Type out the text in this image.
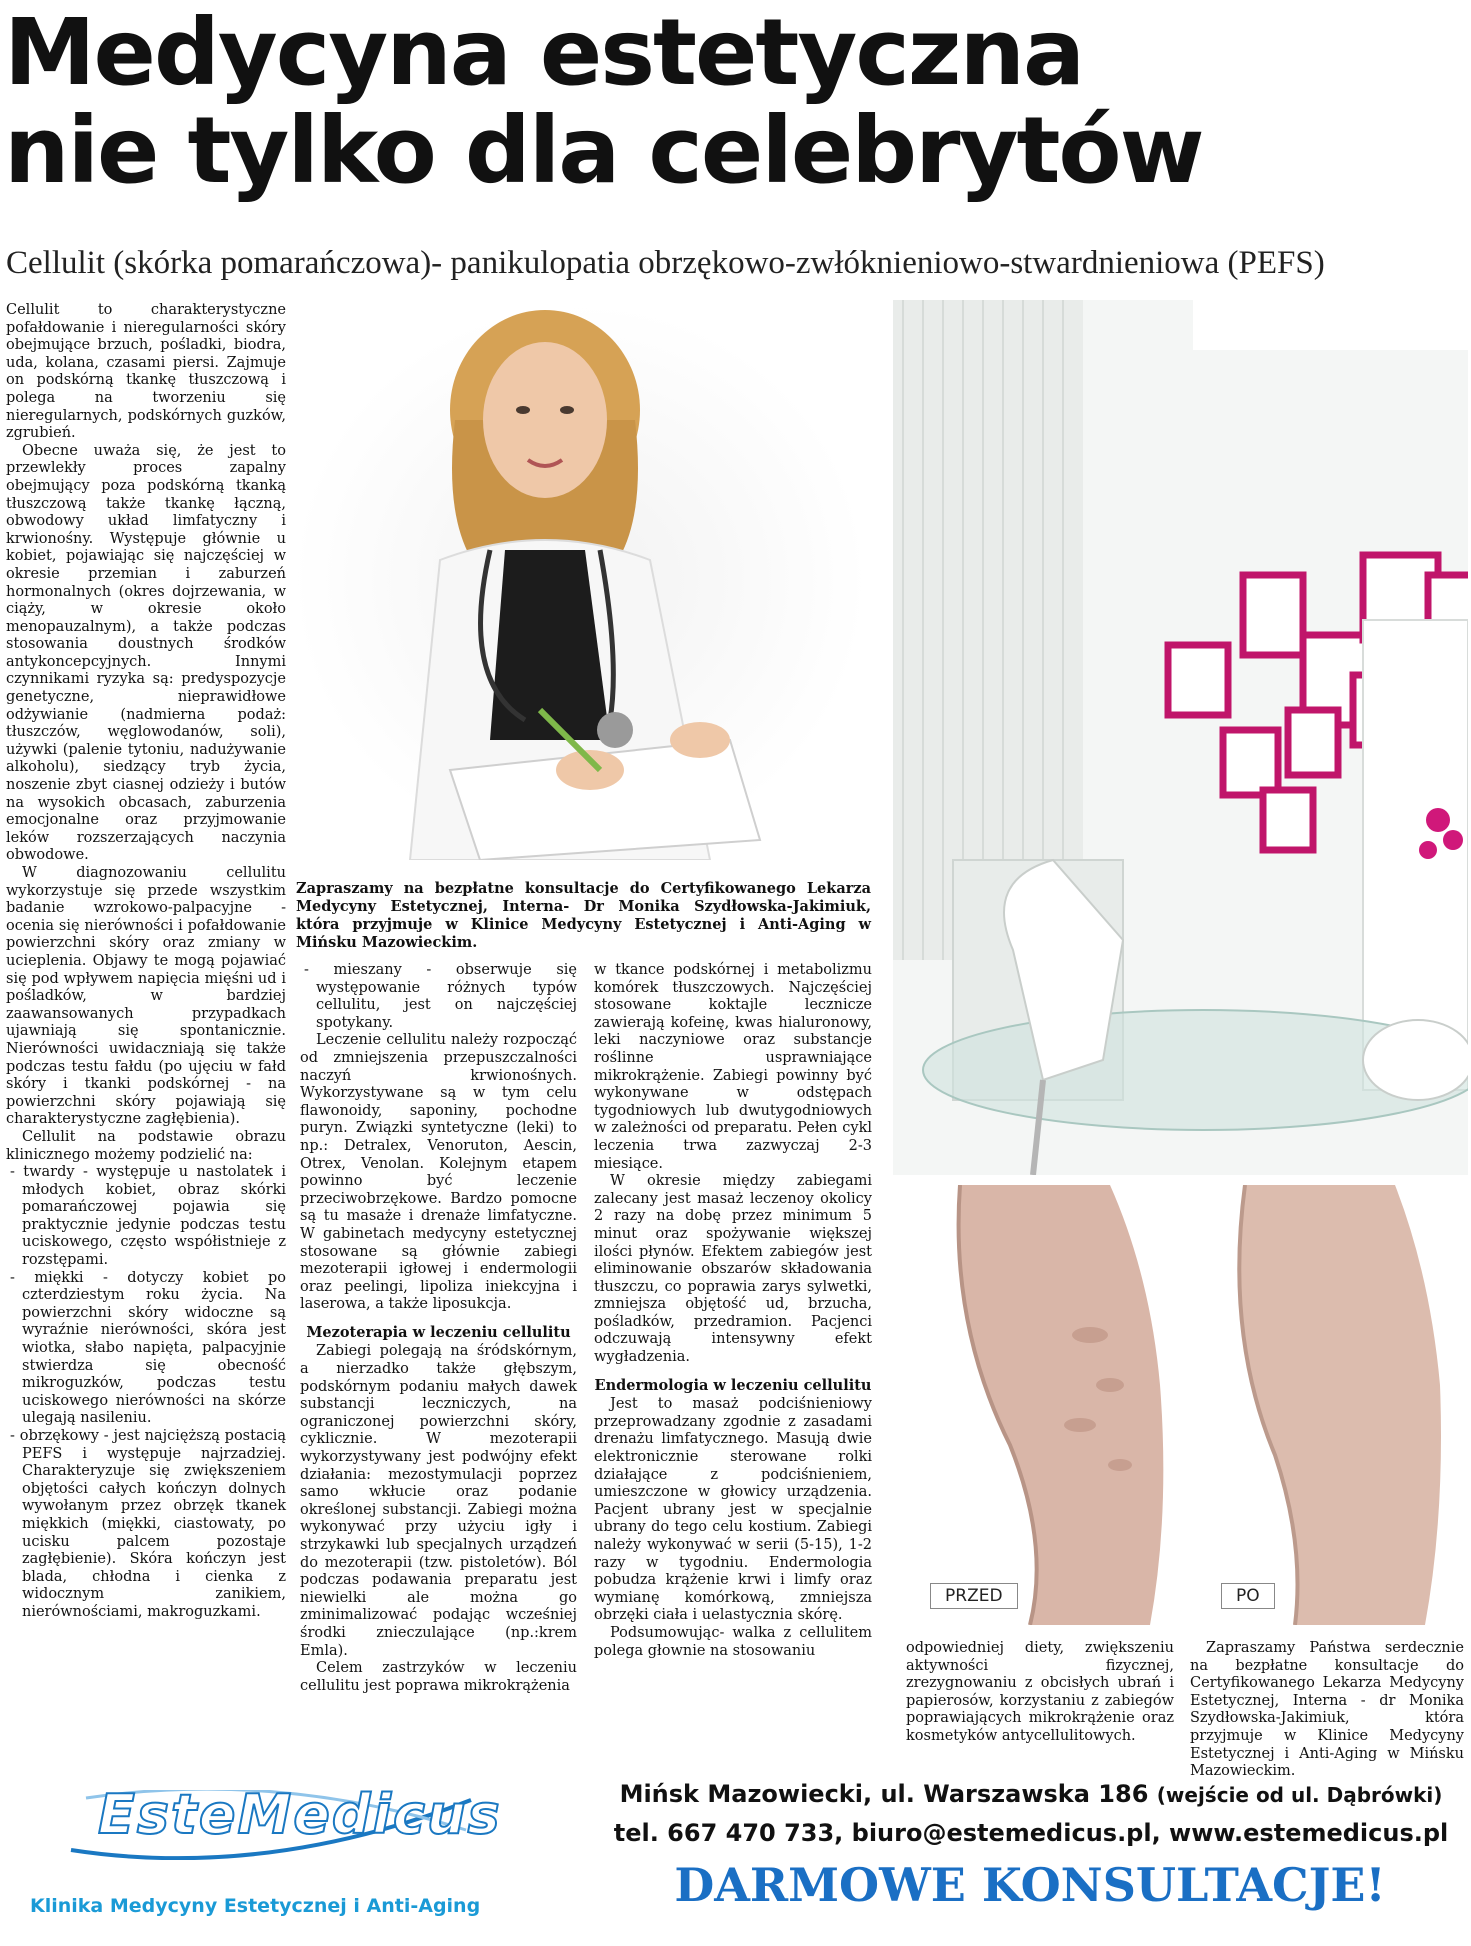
Medycyna estetyczna
nie tylko dla celebrytów
Cellulit (skórka pomarańczowa)- panikulopatia obrzękowo-zwłóknieniowo-stwardnieniowa (PEFS)

Cellulit to charakterystyczne pofałdowanie i nieregularności skóry obejmujące brzuch, pośladki, biodra, uda, kolana, czasami piersi. Zajmuje on podskórną tkankę tłuszczową i polega na tworzeniu się nieregularnych, podskórnych guzków, zgrubień.

Obecne uważa się, że jest to przewlekły proces zapalny obejmujący poza podskórną tkanką tłuszczową także tkankę łączną, obwodowy układ limfatyczny i krwionośny. Występuje głównie u kobiet, pojawiając się najczęściej w okresie przemian i zaburzeń hormonalnych (okres dojrzewania, w ciąży, w okresie około menopauzalnym), a także podczas stosowania doustnych środków antykoncepcyjnych. Innymi czynnikami ryzyka są: predyspozycje genetyczne, nieprawidłowe odżywianie (nadmierna podaż: tłuszczów, węglowodanów, soli), używki (palenie tytoniu, nadużywanie alkoholu), siedzący tryb życia, noszenie zbyt ciasnej odzieży i butów na wysokich obcasach, zaburzenia emocjonalne oraz przyjmowanie leków rozszerzających naczynia obwodowe.

W diagnozowaniu cellulitu wykorzystuje się przede wszystkim badanie wzrokowo-palpacyjne - ocenia się nierówności i pofałdowanie powierzchni skóry oraz zmiany w ucieplenia. Objawy te mogą pojawiać się pod wpływem napięcia mięśni ud i pośladków, w bardziej zaawansowanych przypadkach ujawniają się spontanicznie. Nierówności uwidaczniają się także podczas testu fałdu (po ujęciu w fałd skóry i tkanki podskórnej - na powierzchni skóry pojawiają się charakterystyczne zagłębienia).

Cellulit na podstawie obrazu klinicznego możemy podzielić na:

- twardy - występuje u nastolatek i młodych kobiet, obraz skórki pomarańczowej pojawia się praktycznie jedynie podczas testu uciskowego, często współistnieje z rozstępami.
- miękki - dotyczy kobiet po czterdziestym roku życia. Na powierzchni skóry widoczne są wyraźnie nierówności, skóra jest wiotka, słabo napięta, palpacyjnie stwierdza się obecność mikroguzków, podczas testu uciskowego nierówności na skórze ulegają nasileniu.
- obrzękowy - jest najcięższą postacią PEFS i występuje najrzadziej. Charakteryzuje się zwiększeniem objętości całych kończyn dolnych wywołanym przez obrzęk tkanek miękkich (miękki, ciastowaty, po ucisku palcem pozostaje zagłębienie). Skóra kończyn jest blada, chłodna i cienka z widocznym zanikiem, nierównościami, makroguzkami.
Zapraszamy na bezpłatne konsultacje do Certyfikowanego Lekarza Medycyny Estetycznej, Interna- Dr Monika Szydłowska-Jakimiuk, która przyjmuje w Klinice Medycyny Estetycznej i Anti-Aging w Mińsku Mazowieckim.
PRZED	PO
- mieszany - obserwuje się występowanie różnych typów cellulitu, jest on najczęściej spotykany.

Leczenie cellulitu należy rozpocząć od zmniejszenia przepuszczalności naczyń krwionośnych. Wykorzystywane są w tym celu flawonoidy, saponiny, pochodne puryn. Związki syntetyczne (leki) to np.: Detralex, Venoruton, Aescin, Otrex, Venolan. Kolejnym etapem powinno być leczenie przeciwobrzękowe. Bardzo pomocne są tu masaże i drenaże limfatyczne. W gabinetach medycyny estetycznej stosowane są głównie zabiegi mezoterapii igłowej i endermologii oraz peelingi, lipoliza iniekcyjna i laserowa, a także liposukcja.

Mezoterapia w leczeniu cellulitu

Zabiegi polegają na śródskórnym, a nierzadko także głębszym, podskórnym podaniu małych dawek substancji leczniczych, na ograniczonej powierzchni skóry, cyklicznie. W mezoterapii wykorzystywany jest podwójny efekt działania: mezostymulacji poprzez samo wkłucie oraz podanie określonej substancji. Zabiegi można wykonywać przy użyciu igły i strzykawki lub specjalnych urządzeń do mezoterapii (tzw. pistoletów). Ból podczas podawania preparatu jest niewielki ale można go zminimalizować podając wcześniej środki znieczulające (np.:krem Emla).

Celem zastrzyków w leczeniu cellulitu jest poprawa mikrokrążenia

w tkance podskórnej i metabolizmu komórek tłuszczowych. Najczęściej stosowane koktajle lecznicze zawierają kofeinę, kwas hialuronowy, leki naczyniowe oraz substancje roślinne usprawniające mikrokrążenie. Zabiegi powinny być wykonywane w odstępach tygodniowych lub dwutygodniowych w zależności od preparatu. Pełen cykl leczenia trwa zazwyczaj 2-3 miesiące.

W okresie między zabiegami zalecany jest masaż leczenoy okolicy 2 razy na dobę przez minimum 5 minut oraz spożywanie większej ilości płynów. Efektem zabiegów jest eliminowanie obszarów składowania tłuszczu, co poprawia zarys sylwetki, zmniejsza objętość ud, brzucha, pośladków, przedramion. Pacjenci odczuwają intensywny efekt wygładzenia.

Endermologia w leczeniu cellulitu

Jest to masaż podciśnieniowy przeprowadzany zgodnie z zasadami drenażu limfatycznego. Masują dwie elektronicznie sterowane rolki działające z podciśnieniem, umieszczone w głowicy urządzenia. Pacjent ubrany jest w specjalnie ubrany do tego celu kostium. Zabiegi należy wykonywać w serii (5-15), 1-2 razy w tygodniu. Endermologia pobudza krążenie krwi i limfy oraz wymianę komórkową, zmniejsza obrzęki ciała i uelastycznia skórę.

Podsumowując- walka z cellulitem polega głownie na stosowaniu	odpowiedniej diety, zwiększeniu aktywności fizycznej, zrezygnowaniu z obcisłych ubrań i papierosów, korzystaniu z zabiegów poprawiających mikrokrążenie oraz kosmetyków antycellulitowych.

Zapraszamy Państwa serdecznie na bezpłatne konsultacje do Certyfikowanego Lekarza Medycyny Estetycznej, Interna - dr Monika Szydłowska-Jakimiuk, która przyjmuje w Klinice Medycyny Estetycznej i Anti-Aging w Mińsku Mazowieckim.

EsteMedicus
Klinika Medycyny Estetycznej i Anti-Aging
Mińsk Mazowiecki, ul. Warszawska 186 (wejście od ul. Dąbrówki)
tel. 667 470 733, biuro@estemedicus.pl, www.estemedicus.pl
DARMOWE KONSULTACJE!
